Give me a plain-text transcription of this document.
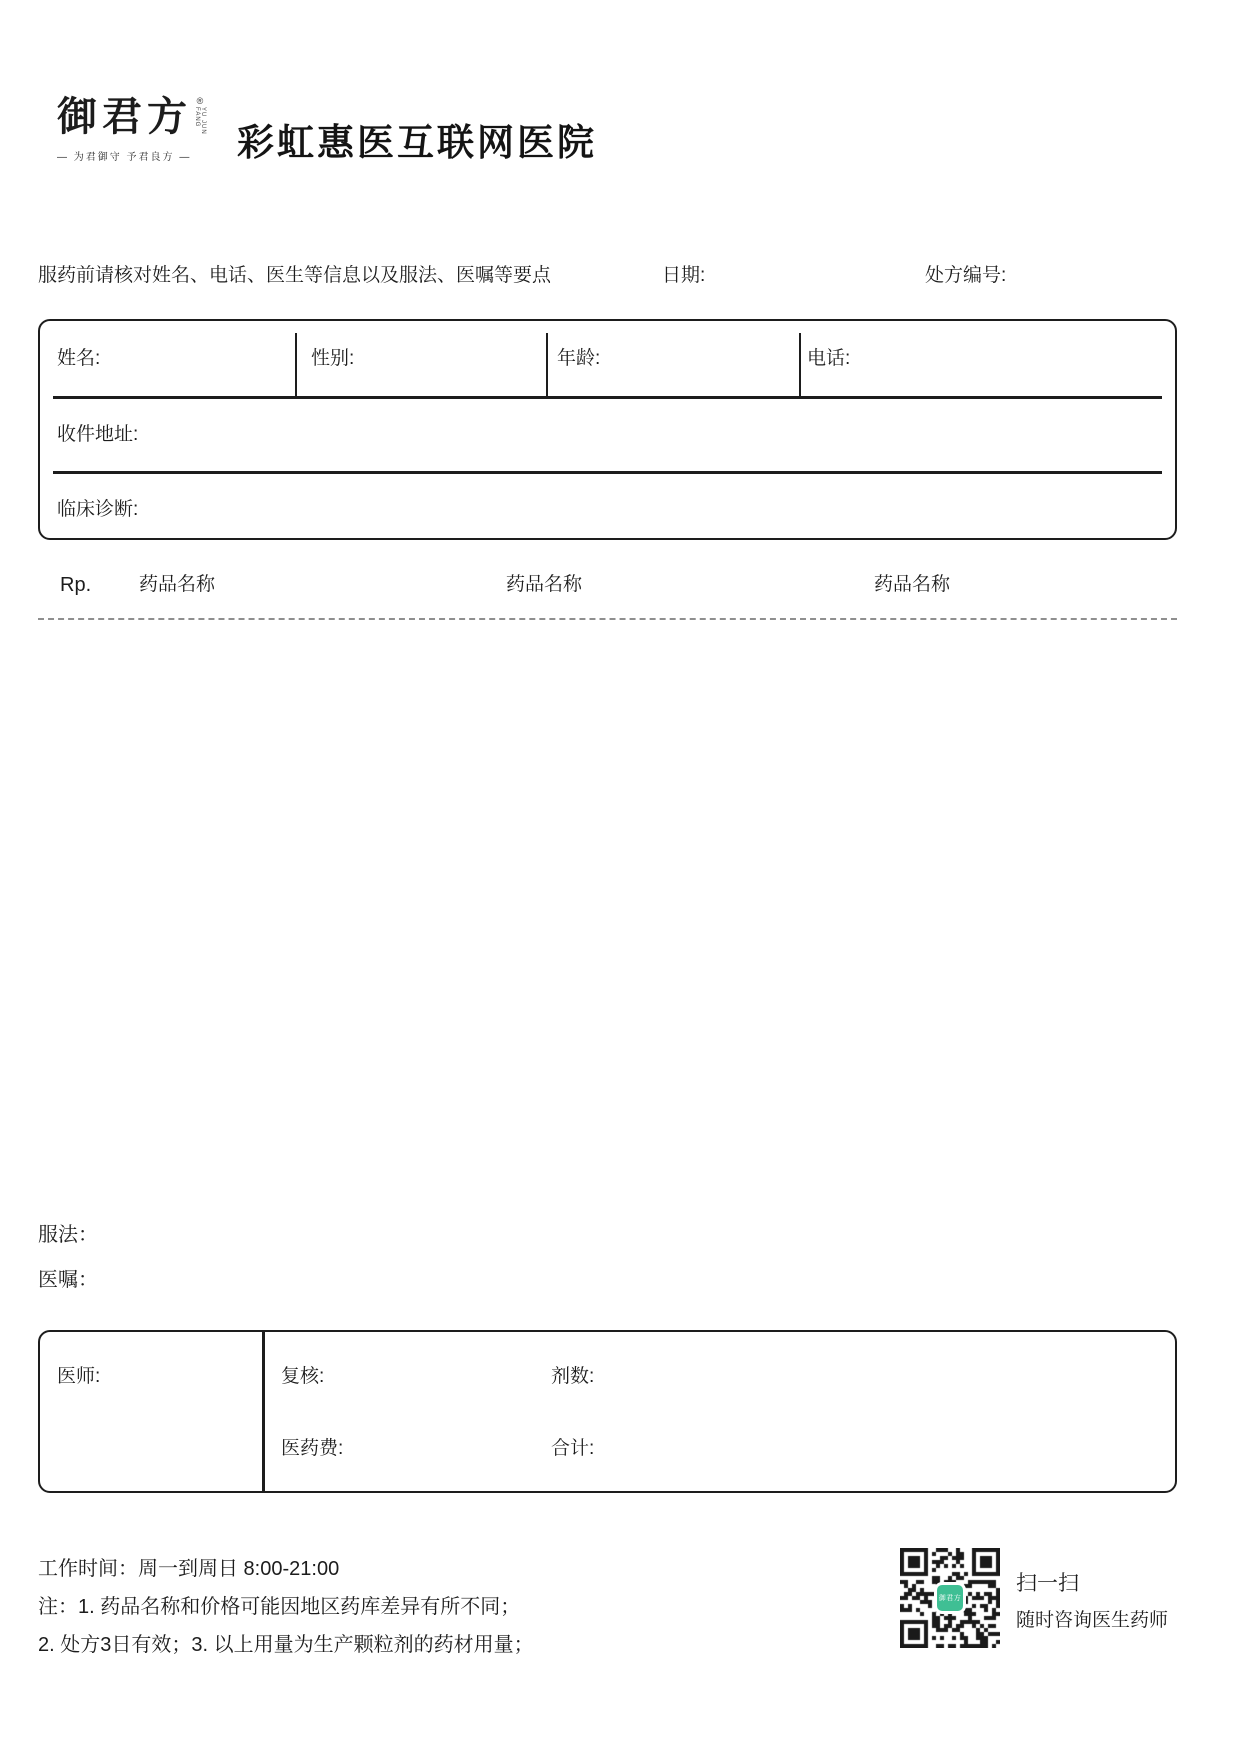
御君方 ®
YU JUN FANG
— 为君御守 予君良方 —	彩虹惠医互联网医院
服药前请核对姓名、电话、医生等信息以及服法、医嘱等要点	日期:	处方编号:
姓名:	性别:	年龄:	电话:
收件地址:
临床诊断:
Rp.	药品名称	药品名称	药品名称
服法：
医嘱：
医师:	复核:	剂数:
医药费:	合计:
工作时间：周一到周日 8:00-21:00
注：1. 药品名称和价格可能因地区药库差异有所不同；
2. 处方3日有效；3. 以上用量为生产颗粒剂的药材用量；
御君方
扫一扫
随时咨询医生药师
